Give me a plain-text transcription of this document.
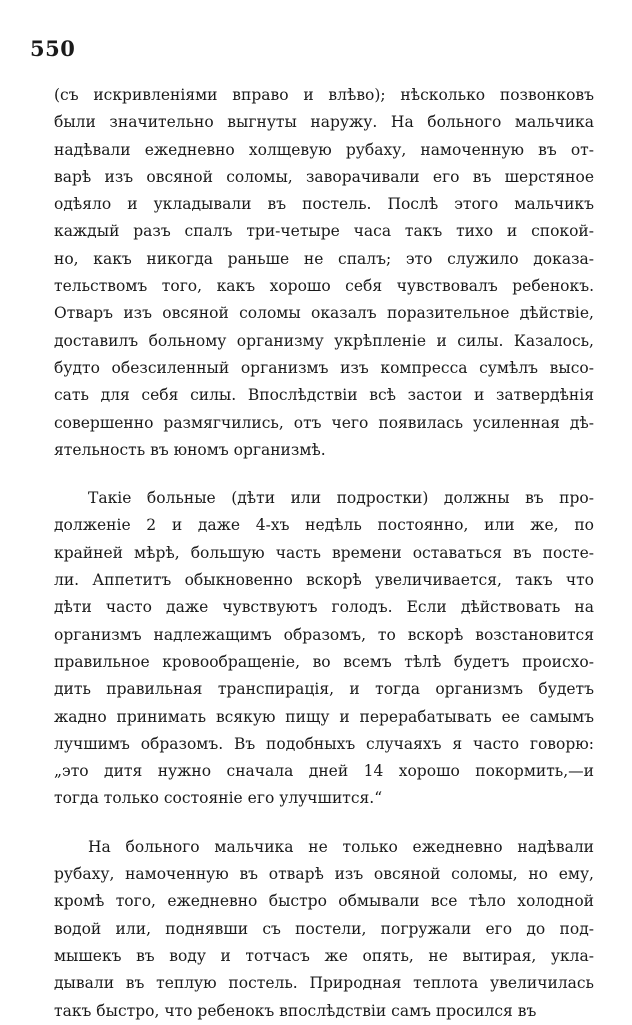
550
(съ искривленіями вправо и влѣво); нѣсколько позвонковъ
были значительно выгнуты наружу. На больного мальчика
надѣвали ежедневно холщевую рубаху, намоченную въ от-
варѣ изъ овсяной соломы, заворачивали его въ шерстяное
одѣяло и укладывали въ постель. Послѣ этого мальчикъ
каждый разъ спалъ три-четыре часа такъ тихо и спокой-
но, какъ никогда раньше не спалъ; это служило доказа-
тельствомъ того, какъ хорошо себя чувствовалъ ребенокъ.
Отваръ изъ овсяной соломы оказалъ поразительное дѣйствіе,
доставилъ больному организму укрѣпленіе и силы. Казалось,
будто обезсиленный организмъ изъ компресса сумѣлъ высо-
сать для себя силы. Впослѣдствіи всѣ застои и затвердѣнія
совершенно размягчились, отъ чего появилась усиленная дѣ-
ятельность въ юномъ организмѣ.
Такіе больные (дѣти или подростки) должны въ про-
долженіе 2 и даже 4-хъ недѣль постоянно, или же, по
крайней мѣрѣ, большую часть времени оставаться въ посте-
ли. Аппетитъ обыкновенно вскорѣ увеличивается, такъ что
дѣти часто даже чувствуютъ голодъ. Если дѣйствовать на
организмъ надлежащимъ образомъ, то вскорѣ возстановится
правильное кровообращеніе, во всемъ тѣлѣ будетъ происхо-
дить правильная транспирація, и тогда организмъ будетъ
жадно принимать всякую пищу и перерабатывать ее самымъ
лучшимъ образомъ. Въ подобныхъ случаяхъ я часто говорю:
„это дитя нужно сначала дней 14 хорошо покормить,—и
тогда только состояніе его улучшится.“
На больного мальчика не только ежедневно надѣвали
рубаху, намоченную въ отварѣ изъ овсяной соломы, но ему,
кромѣ того, ежедневно быстро обмывали все тѣло холодной
водой или, поднявши съ постели, погружали его до под-
мышекъ въ воду и тотчасъ же опять, не вытирая, укла-
дывали въ теплую постель. Природная теплота увеличилась
такъ быстро, что ребенокъ впослѣдствіи самъ просился въ
